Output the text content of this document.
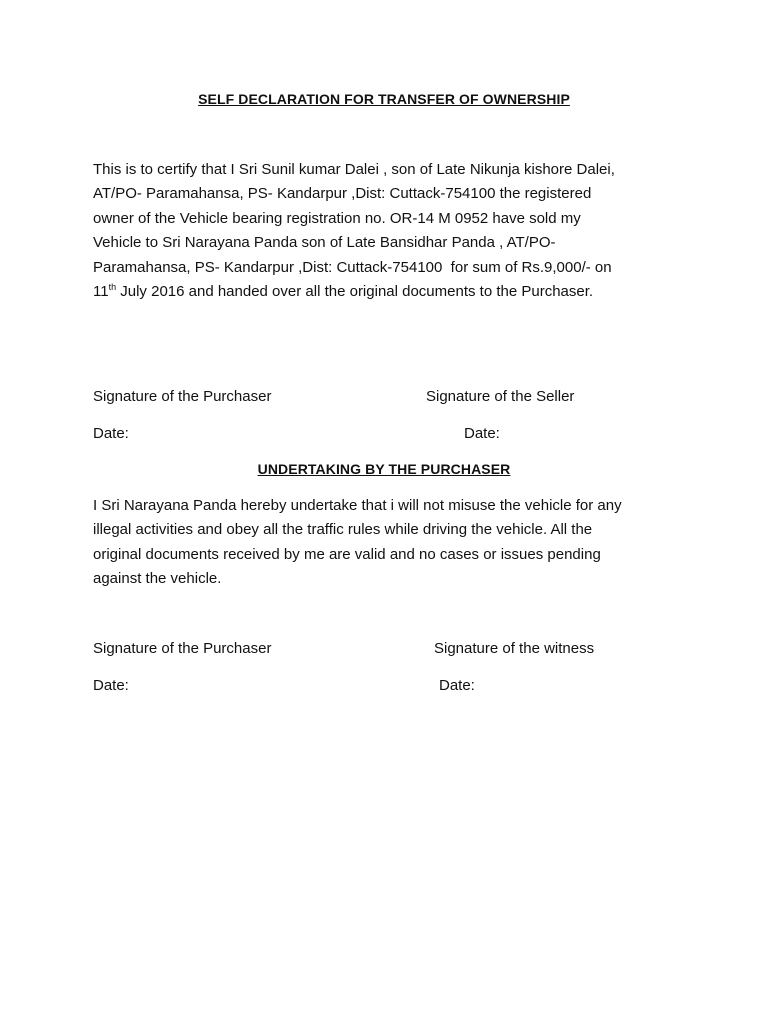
SELF DECLARATION FOR TRANSFER OF OWNERSHIP
This is to certify that I Sri Sunil kumar Dalei , son of Late Nikunja kishore Dalei,
AT/PO- Paramahansa, PS- Kandarpur ,Dist: Cuttack-754100 the registered
owner of the Vehicle bearing registration no. OR-14 M 0952 have sold my
Vehicle to Sri Narayana Panda son of Late Bansidhar Panda , AT/PO-
Paramahansa, PS- Kandarpur ,Dist: Cuttack-754100  for sum of Rs.9,000/- on
11th July 2016 and handed over all the original documents to the Purchaser.
Signature of the Purchaser	Signature of the Seller
Date:	Date:
UNDERTAKING BY THE PURCHASER
I Sri Narayana Panda hereby undertake that i will not misuse the vehicle for any
illegal activities and obey all the traffic rules while driving the vehicle. All the
original documents received by me are valid and no cases or issues pending
against the vehicle.
Signature of the Purchaser	Signature of the witness
Date:	Date:
